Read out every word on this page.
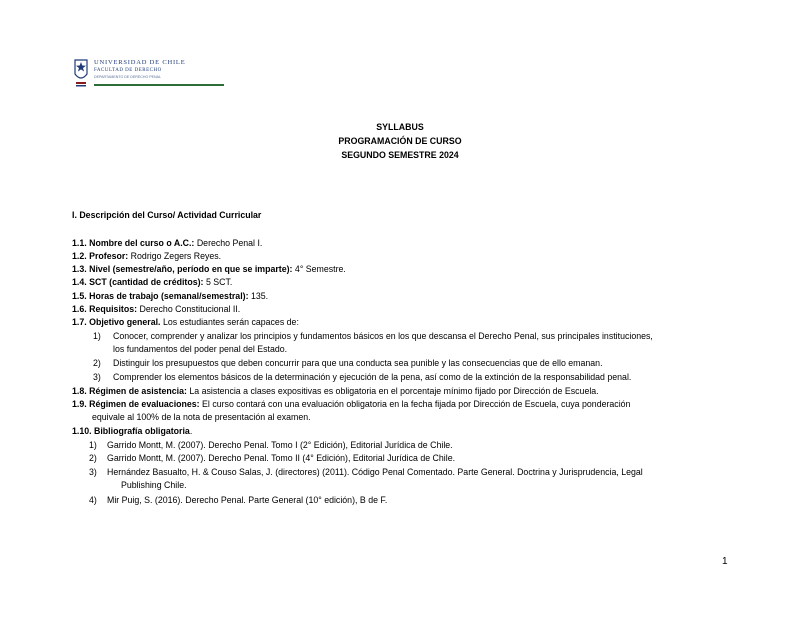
UNIVERSIDAD DE CHILE
FACULTAD DE DERECHO
DEPARTAMENTO DE DERECHO PENAL
SYLLABUS
PROGRAMACIÓN DE CURSO
SEGUNDO SEMESTRE 2024
I. Descripción del Curso/ Actividad Curricular
1.1. Nombre del curso o A.C.: Derecho Penal I.
1.2. Profesor: Rodrigo Zegers Reyes.
1.3. Nivel (semestre/año, período en que se imparte): 4° Semestre.
1.4. SCT (cantidad de créditos): 5 SCT.
1.5. Horas de trabajo (semanal/semestral): 135.
1.6. Requisitos: Derecho Constitucional II.
1.7. Objetivo general. Los estudiantes serán capaces de:
1) Conocer, comprender y analizar los principios y fundamentos básicos en los que descansa el Derecho Penal, sus principales instituciones,
los fundamentos del poder penal del Estado.
2) Distinguir los presupuestos que deben concurrir para que una conducta sea punible y las consecuencias que de ello emanan.
3) Comprender los elementos básicos de la determinación y ejecución de la pena, así como de la extinción de la responsabilidad penal.
1.8. Régimen de asistencia: La asistencia a clases expositivas es obligatoria en el porcentaje mínimo fijado por Dirección de Escuela.
1.9. Régimen de evaluaciones: El curso contará con una evaluación obligatoria en la fecha fijada por Dirección de Escuela, cuya ponderación
equivale al 100% de la nota de presentación al examen.
1.10. Bibliografía obligatoria.
1) Garrido Montt, M. (2007). Derecho Penal. Tomo I (2° Edición), Editorial Jurídica de Chile.
2) Garrido Montt, M. (2007). Derecho Penal. Tomo II (4° Edición), Editorial Jurídica de Chile.
3) Hernández Basualto, H. & Couso Salas, J. (directores) (2011). Código Penal Comentado. Parte General. Doctrina y Jurisprudencia, Legal
Publishing Chile.
4) Mir Puig, S. (2016). Derecho Penal. Parte General (10° edición), B de F.
1
